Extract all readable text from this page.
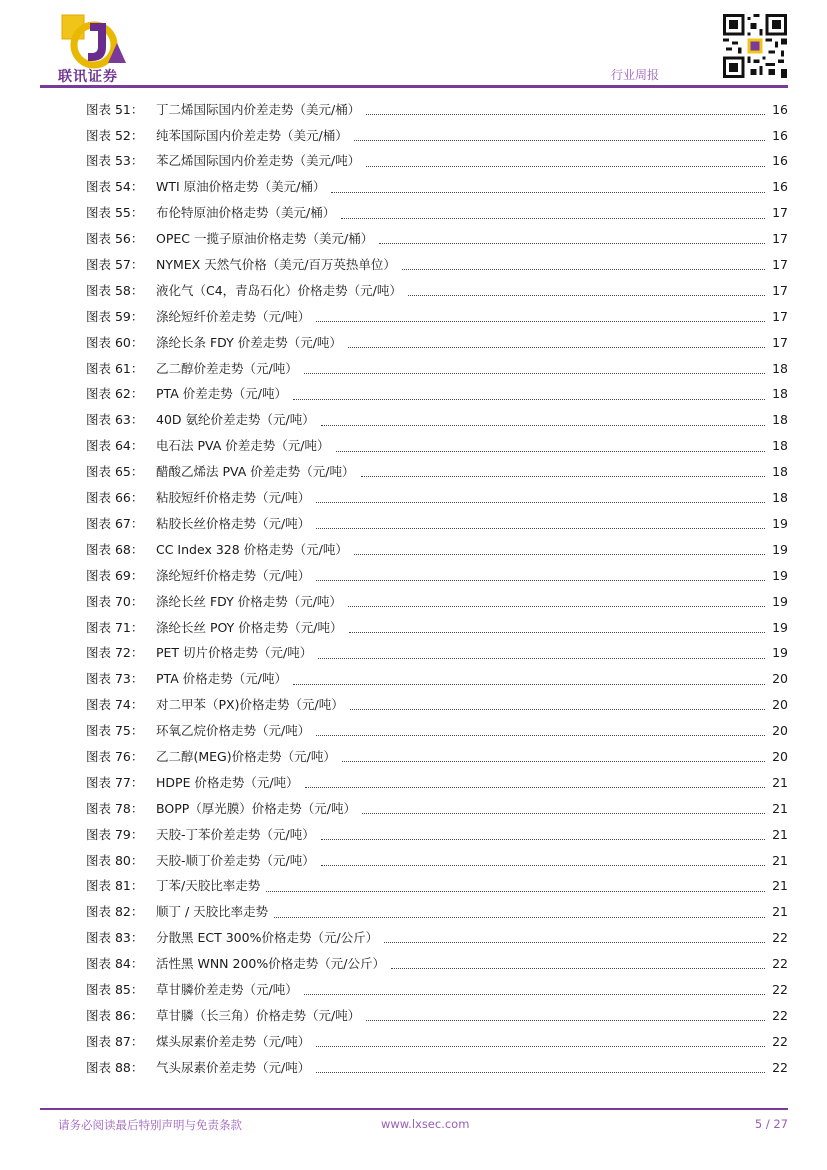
联讯证券	行业周报
图表 51：	丁二烯国际国内价差走势（美元/桶）	16
图表 52：	纯苯国际国内价差走势（美元/桶）	16
图表 53：	苯乙烯国际国内价差走势（美元/吨）	16
图表 54：	WTI 原油价格走势（美元/桶）	16
图表 55：	布伦特原油价格走势（美元/桶）	17
图表 56：	OPEC 一揽子原油价格走势（美元/桶）	17
图表 57：	NYMEX 天然气价格（美元/百万英热单位）	17
图表 58：	液化气（C4，青岛石化）价格走势（元/吨）	17
图表 59：	涤纶短纤价差走势（元/吨）	17
图表 60：	涤纶长条 FDY 价差走势（元/吨）	17
图表 61：	乙二醇价差走势（元/吨）	18
图表 62：	PTA 价差走势（元/吨）	18
图表 63：	40D 氨纶价差走势（元/吨）	18
图表 64：	电石法 PVA 价差走势（元/吨）	18
图表 65：	醋酸乙烯法 PVA 价差走势（元/吨）	18
图表 66：	粘胶短纤价格走势（元/吨）	18
图表 67：	粘胶长丝价格走势（元/吨）	19
图表 68：	CC Index 328 价格走势（元/吨）	19
图表 69：	涤纶短纤价格走势（元/吨）	19
图表 70：	涤纶长丝 FDY 价格走势（元/吨）	19
图表 71：	涤纶长丝 POY 价格走势（元/吨）	19
图表 72：	PET 切片价格走势（元/吨）	19
图表 73：	PTA 价格走势（元/吨）	20
图表 74：	对二甲苯（PX)价格走势（元/吨）	20
图表 75：	环氧乙烷价格走势（元/吨）	20
图表 76：	乙二醇(MEG)价格走势（元/吨）	20
图表 77：	HDPE 价格走势（元/吨）	21
图表 78：	BOPP（厚光膜）价格走势（元/吨）	21
图表 79：	天胶-丁苯价差走势（元/吨）	21
图表 80：	天胶-顺丁价差走势（元/吨）	21
图表 81：	丁苯/天胶比率走势	21
图表 82：	顺丁 / 天胶比率走势	21
图表 83：	分散黑 ECT 300%价格走势（元/公斤）	22
图表 84：	活性黑 WNN 200%价格走势（元/公斤）	22
图表 85：	草甘膦价差走势（元/吨）	22
图表 86：	草甘膦（长三角）价格走势（元/吨）	22
图表 87：	煤头尿素价差走势（元/吨）	22
图表 88：	气头尿素价差走势（元/吨）	22
请务必阅读最后特别声明与免责条款	www.lxsec.com	5 / 27
